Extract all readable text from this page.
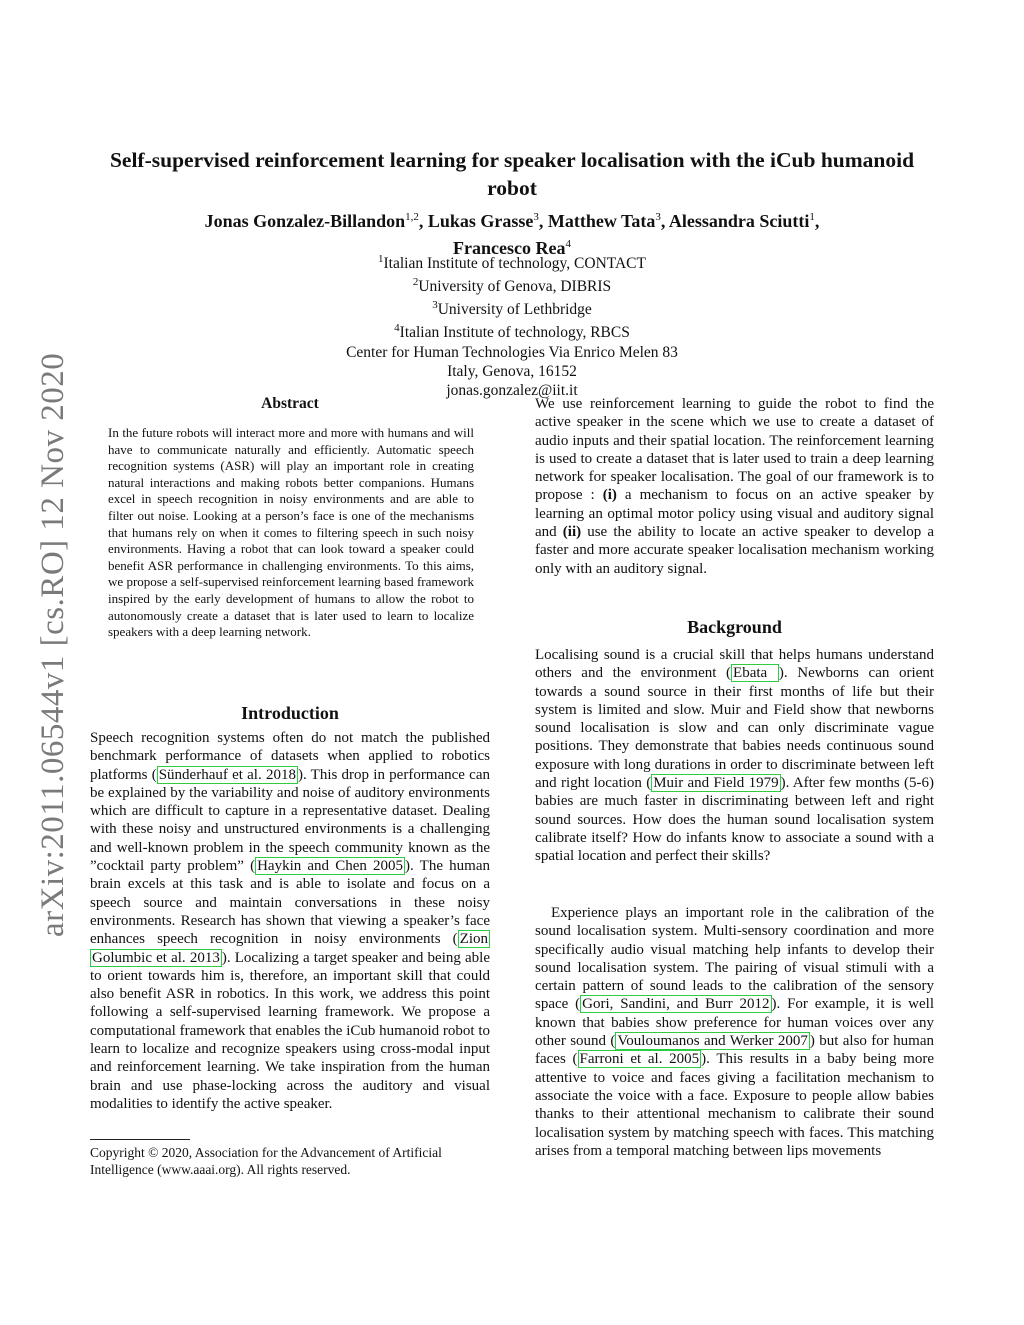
arXiv:2011.06544v1 [cs.RO] 12 Nov 2020
Self-supervised reinforcement learning for speaker localisation with the iCub humanoid robot
Jonas Gonzalez-Billandon$^{1,2}$, Lukas Grasse$^3$, Matthew Tata$^3$, Alessandra Sciutti$^1$,
Francesco Rea$^4$
$^1$Italian Institute of technology, CONTACT
$^2$University of Genova, DIBRIS
$^3$University of Lethbridge
$^4$Italian Institute of technology, RBCS
Center for Human Technologies Via Enrico Melen 83
Italy, Genova, 16152
jonas.gonzalez@iit.it
Abstract

In the future robots will interact more and more with humans and will have to communicate naturally and efficiently. Automatic speech recognition systems (ASR) will play an important role in creating natural interactions and making robots better companions. Humans excel in speech recognition in noisy environments and are able to filter out noise. Looking at a person’s face is one of the mechanisms that humans rely on when it comes to filtering speech in such noisy environments. Having a robot that can look toward a speaker could benefit ASR performance in challenging environments. To this aims, we propose a self-supervised reinforcement learning based framework inspired by the early development of humans to allow the robot to autonomously create a dataset that is later used to learn to localize speakers with a deep learning network.

Introduction

Speech recognition systems often do not match the published benchmark performance of datasets when applied to robotics platforms ( Sünderhauf et al. 2018 ). This drop in performance can be explained by the variability and noise of auditory environments which are difficult to capture in a representative dataset. Dealing with these noisy and unstructured environments is a challenging and well-known problem in the speech community known as the ”cocktail party problem” ( Haykin and Chen 2005 ). The human brain excels at this task and is able to isolate and focus on a speech source and maintain conversations in these noisy environments. Research has shown that viewing a speaker’s face enhances speech recognition in noisy environments ( Zion Golumbic et al. 2013 ). Localizing a target speaker and being able to orient towards him is, therefore, an important skill that could also benefit ASR in robotics. In this work, we address this point following a self-supervised learning framework. We propose a computational framework that enables the iCub humanoid robot to learn to localize and recognize speakers using cross-modal input and reinforcement learning. We take inspiration from the human brain and use phase-locking across the auditory and visual modalities to identify the active speaker.

Copyright © 2020, Association for the Advancement of Artificial Intelligence (www.aaai.org). All rights reserved.

We use reinforcement learning to guide the robot to find the active speaker in the scene which we use to create a dataset of audio inputs and their spatial location. The reinforcement learning is used to create a dataset that is later used to train a deep learning network for speaker localisation. The goal of our framework is to propose : (i) a mechanism to focus on an active speaker by learning an optimal motor policy using visual and auditory signal and (ii) use the ability to locate an active speaker to develop a faster and more accurate speaker localisation mechanism working only with an auditory signal.

Background

Localising sound is a crucial skill that helps humans understand others and the environment ( Ebata ). Newborns can orient towards a sound source in their first months of life but their system is limited and slow. Muir and Field show that newborns sound localisation is slow and can only discriminate vague positions. They demonstrate that babies needs continuous sound exposure with long durations in order to discriminate between left and right location ( Muir and Field 1979 ). After few months (5-6) babies are much faster in discriminating between left and right sound sources. How does the human sound localisation system calibrate itself? How do infants know to associate a sound with a spatial location and perfect their skills?

Experience plays an important role in the calibration of the sound localisation system. Multi-sensory coordination and more specifically audio visual matching help infants to develop their sound localisation system. The pairing of visual stimuli with a certain pattern of sound leads to the calibration of the sensory space ( Gori, Sandini, and Burr 2012 ). For example, it is well known that babies show preference for human voices over any other sound ( Vouloumanos and Werker 2007 ) but also for human faces ( Farroni et al. 2005 ). This results in a baby being more attentive to voice and faces giving a facilitation mechanism to associate the voice with a face. Exposure to people allow babies thanks to their attentional mechanism to calibrate their sound localisation system by matching speech with faces. This matching arises from a temporal matching between lips movements
